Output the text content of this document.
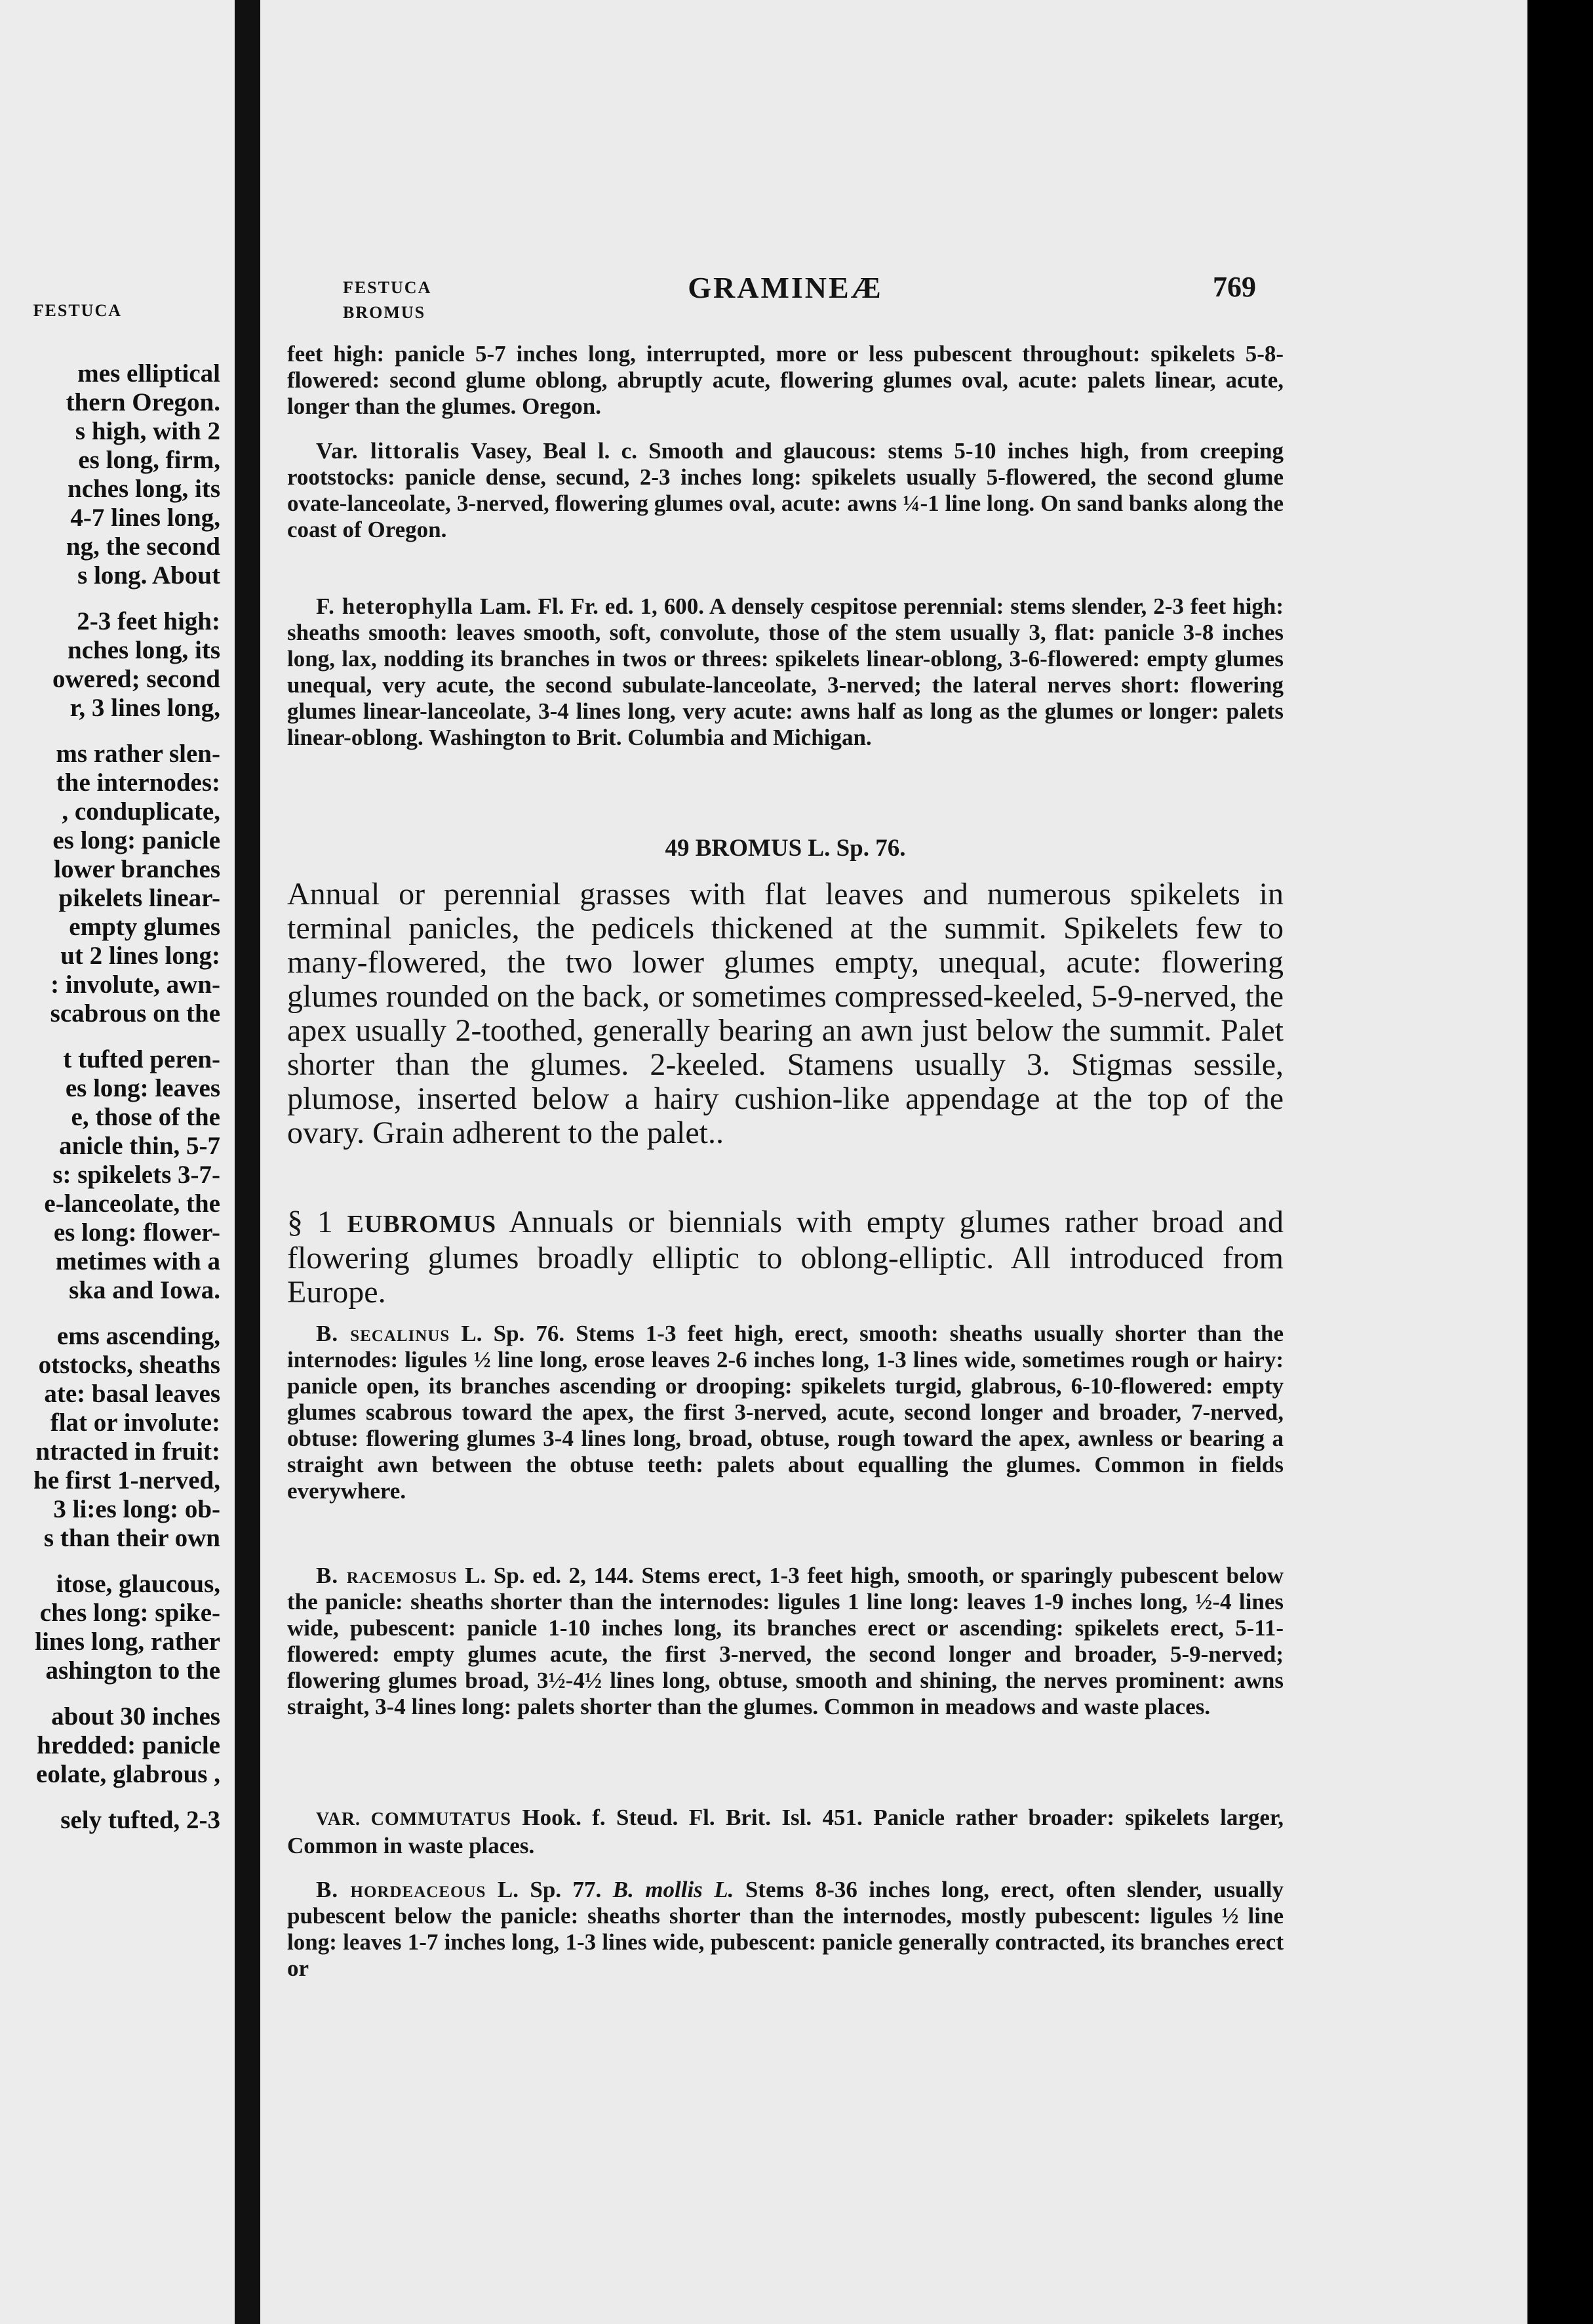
FESTUCA
mes elliptical
thern Oregon.
s high, with 2
es long, firm,
nches long, its
4-7 lines long,
ng, the second
s long. About
2-3 feet high:
nches long, its
owered; second
r, 3 lines long,
ms rather slen-
the internodes:
, conduplicate,
es long: panicle
lower branches
pikelets linear-
empty glumes
ut 2 lines long:
: involute, awn-
scabrous on the
t tufted peren-
es long: leaves
e, those of the
anicle thin, 5-7
s: spikelets 3-7-
e-lanceolate, the
es long: flower-
metimes with a
ska and Iowa.
ems ascending,
otstocks, sheaths
ate: basal leaves
flat or involute:
ntracted in fruit:
he first 1-nerved,
3 li:es long: ob-
s than their own
itose, glaucous,
ches long: spike-
lines long, rather
ashington to the
about 30 inches
hredded: panicle
eolate, glabrous ,
sely tufted, 2-3
FESTUCA
BROMUS
GRAMINEÆ	769
feet high: panicle 5-7 inches long, interrupted, more or less pubescent throughout: spikelets 5-8-flowered: second glume oblong, abruptly acute, flowering glumes oval, acute: palets linear, acute, longer than the glumes. Oregon.
Var. littoralis Vasey, Beal l. c. Smooth and glaucous: stems 5-10 inches high, from creeping rootstocks: panicle dense, secund, 2-3 inches long: spikelets usually 5-flowered, the second glume ovate-lanceolate, 3-nerved, flowering glumes oval, acute: awns ¼-1 line long. On sand banks along the coast of Oregon.
F. heterophylla Lam. Fl. Fr. ed. 1, 600. A densely cespitose perennial: stems slender, 2-3 feet high: sheaths smooth: leaves smooth, soft, convolute, those of the stem usually 3, flat: panicle 3-8 inches long, lax, nodding its branches in twos or threes: spikelets linear-oblong, 3-6-flowered: empty glumes unequal, very acute, the second subulate-lanceolate, 3-nerved; the lateral nerves short: flowering glumes linear-lanceolate, 3-4 lines long, very acute: awns half as long as the glumes or longer: palets linear-oblong. Washington to Brit. Columbia and Michigan.
49 BROMUS L. Sp. 76.
Annual or perennial grasses with flat leaves and numerous spikelets in terminal panicles, the pedicels thickened at the summit. Spikelets few to many-flowered, the two lower glumes empty, unequal, acute: flowering glumes rounded on the back, or sometimes compressed-keeled, 5-9-nerved, the apex usually 2-toothed, generally bearing an awn just below the summit. Palet shorter than the glumes. 2-keeled. Stamens usually 3. Stigmas sessile, plumose, inserted below a hairy cushion-like appendage at the top of the ovary. Grain adherent to the palet..
§ 1 EUBROMUS Annuals or biennials with empty glumes rather broad and flowering glumes broadly elliptic to oblong-elliptic. All introduced from Europe.
B. secalinus L. Sp. 76. Stems 1-3 feet high, erect, smooth: sheaths usually shorter than the internodes: ligules ½ line long, erose leaves 2-6 inches long, 1-3 lines wide, sometimes rough or hairy: panicle open, its branches ascending or drooping: spikelets turgid, glabrous, 6-10-flowered: empty glumes scabrous toward the apex, the first 3-nerved, acute, second longer and broader, 7-nerved, obtuse: flowering glumes 3-4 lines long, broad, obtuse, rough toward the apex, awnless or bearing a straight awn between the obtuse teeth: palets about equalling the glumes. Common in fields everywhere.
B. racemosus L. Sp. ed. 2, 144. Stems erect, 1-3 feet high, smooth, or sparingly pubescent below the panicle: sheaths shorter than the internodes: ligules 1 line long: leaves 1-9 inches long, ½-4 lines wide, pubescent: panicle 1-10 inches long, its branches erect or ascending: spikelets erect, 5-11-flowered: empty glumes acute, the first 3-nerved, the second longer and broader, 5-9-nerved; flowering glumes broad, 3½-4½ lines long, obtuse, smooth and shining, the nerves prominent: awns straight, 3-4 lines long: palets shorter than the glumes. Common in meadows and waste places.
VAR. COMMUTATUS Hook. f. Steud. Fl. Brit. Isl. 451. Panicle rather broader: spikelets larger, Common in waste places.
B. hordeaceous L. Sp. 77. B. mollis L. Stems 8-36 inches long, erect, often slender, usually pubescent below the panicle: sheaths shorter than the internodes, mostly pubescent: ligules ½ line long: leaves 1-7 inches long, 1-3 lines wide, pubescent: panicle generally contracted, its branches erect or
